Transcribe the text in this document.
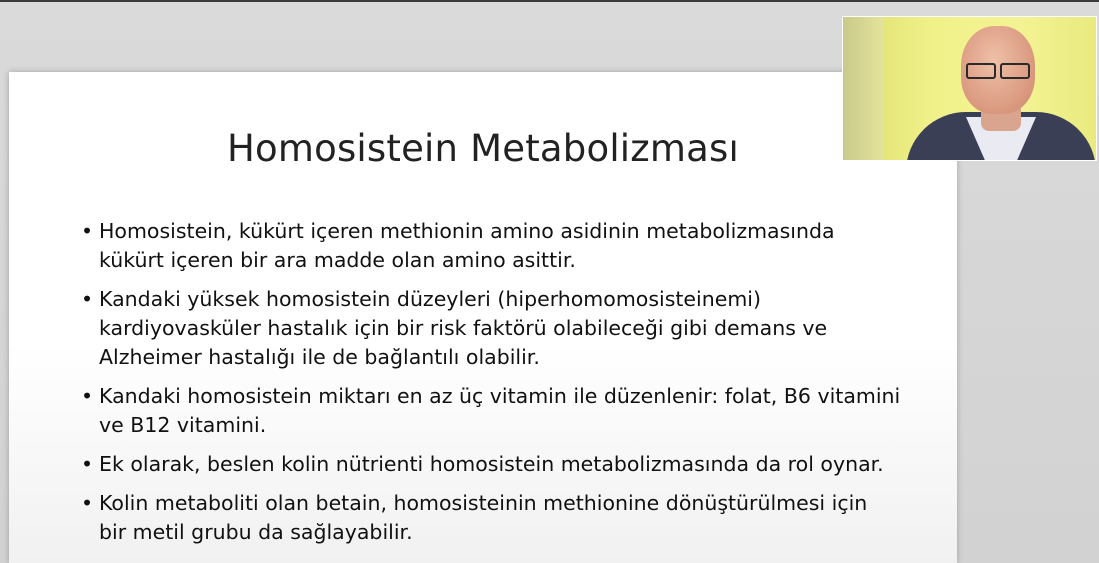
Homosistein Metabolizması
• Homosistein, kükürt içeren methionin amino asidinin metabolizmasında
kükürt içeren bir ara madde olan amino asittir.
• Kandaki yüksek homosistein düzeyleri (hiperhomomosisteinemi)
kardiyovasküler hastalık için bir risk faktörü olabileceği gibi demans ve
Alzheimer hastalığı ile de bağlantılı olabilir.
• Kandaki homosistein miktarı en az üç vitamin ile düzenlenir: folat, B6 vitamini
ve B12 vitamini.
• Ek olarak, beslen kolin nütrienti homosistein metabolizmasında da rol oynar.
• Kolin metaboliti olan betain, homosisteinin methionine dönüştürülmesi için
bir metil grubu da sağlayabilir.
